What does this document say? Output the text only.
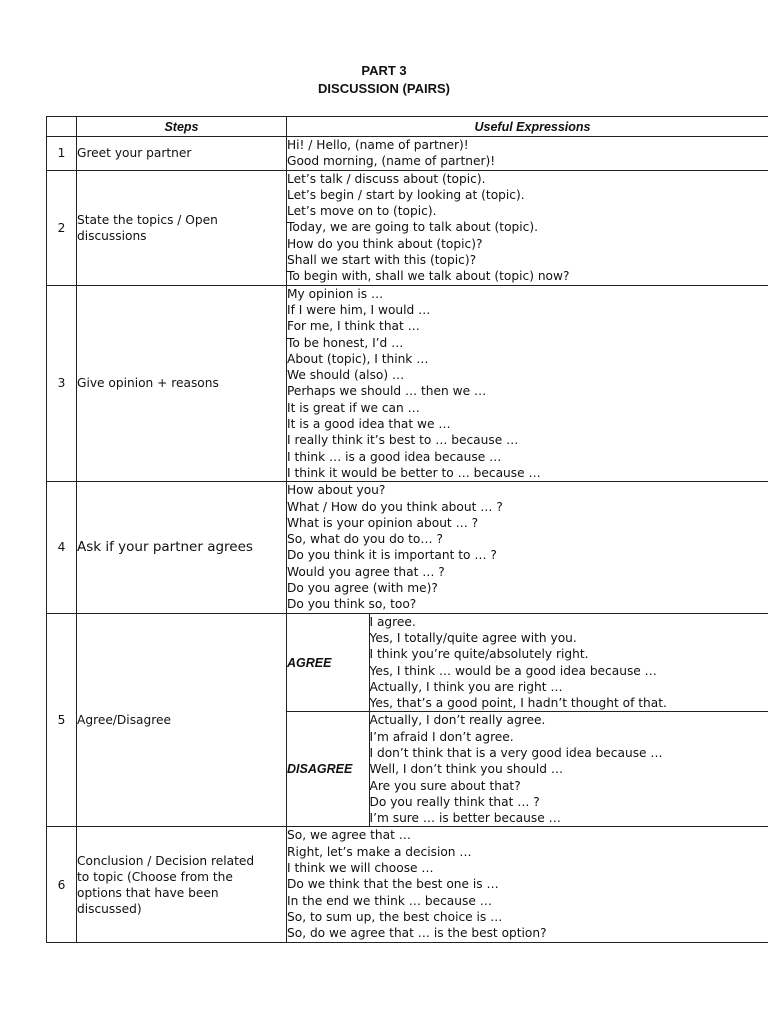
PART 3
DISCUSSION (PAIRS)
	Steps	Useful Expressions
1	Greet your partner	
Hi! / Hello, (name of partner)!
Good morning, (name of partner)!

2	State the topics / Open discussions	
Let’s talk / discuss about (topic).
Let’s begin / start by looking at (topic).
Let’s move on to (topic).
Today, we are going to talk about (topic).
How do you think about (topic)?
Shall we start with this (topic)?
To begin with, shall we talk about (topic) now?

3	Give opinion + reasons	
My opinion is …
If I were him, I would …
For me, I think that …
To be honest, I’d …
About (topic), I think …
We should (also) …
Perhaps we should … then we …
It is great if we can …
It is a good idea that we …
I really think it’s best to … because …
I think … is a good idea because …
I think it would be better to … because …

4	Ask if your partner agrees	
How about you?
What / How do you think about … ?
What is your opinion about … ?
So, what do you do to… ?
Do you think it is important to … ?
Would you agree that … ?
Do you agree (with me)?
Do you think so, too?

5	Agree/Disagree	
AGREE	
I agree.
Yes, I totally/quite agree with you.
I think you’re quite/absolutely right.
Yes, I think … would be a good idea because …
Actually, I think you are right …
Yes, that’s a good point, I hadn’t thought of that.

DISAGREE	
Actually, I don’t really agree.
I’m afraid I don’t agree.
I don’t think that is a very good idea because …
Well, I don’t think you should …
Are you sure about that?
Do you really think that … ?
I’m sure … is better because …

6	Conclusion / Decision related to topic (Choose from the options that have been discussed)	
So, we agree that …
Right, let’s make a decision …
I think we will choose …
Do we think that the best one is …
In the end we think … because …
So, to sum up, the best choice is …
So, do we agree that … is the best option?
